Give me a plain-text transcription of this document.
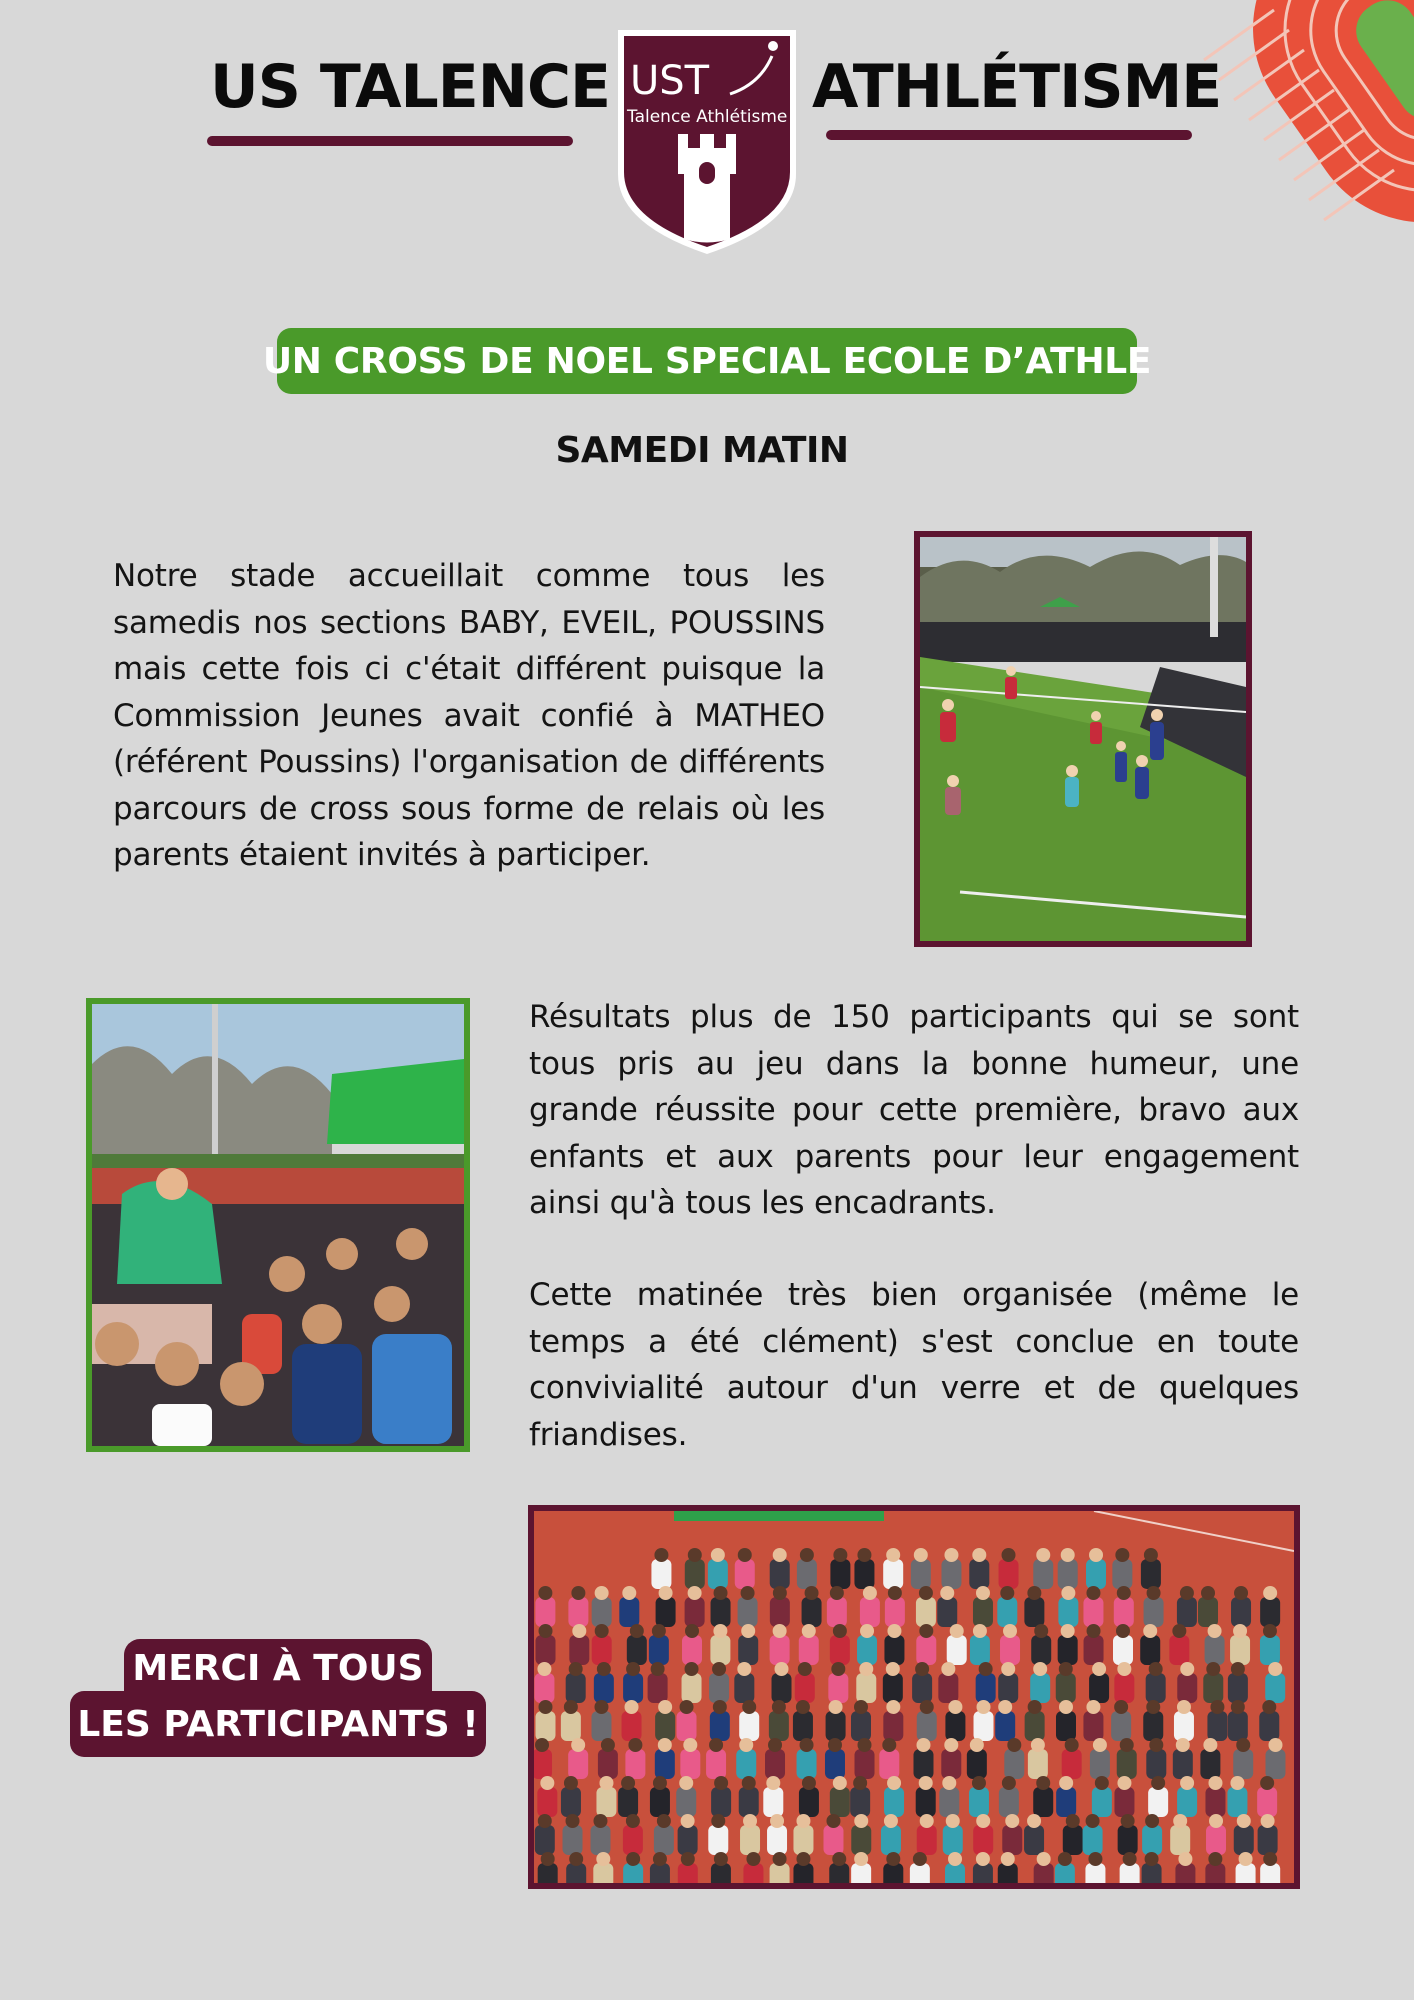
US TALENCE	ATHLÉTISME
UST
Talence Athlétisme
UN CROSS DE NOEL SPECIAL ECOLE D’ATHLE
SAMEDI MATIN
Notre stade accueillait comme tous les samedis nos sections BABY, EVEIL, POUSSINS mais cette fois ci c'était différent puisque la Commission Jeunes avait confié à MATHEO (référent Poussins) l'organisation de différents parcours de cross sous forme de relais où les parents étaient invités à participer.
Résultats plus de 150 participants qui se sont tous pris au jeu dans la bonne humeur, une grande réussite pour cette première, bravo aux enfants et aux parents pour leur engagement ainsi qu'à tous les encadrants.
Cette matinée très bien organisée (même le temps a été clément) s'est conclue en toute convivialité autour d'un verre et de quelques friandises.
LES PARTICIPANTS !
MERCI À TOUS
